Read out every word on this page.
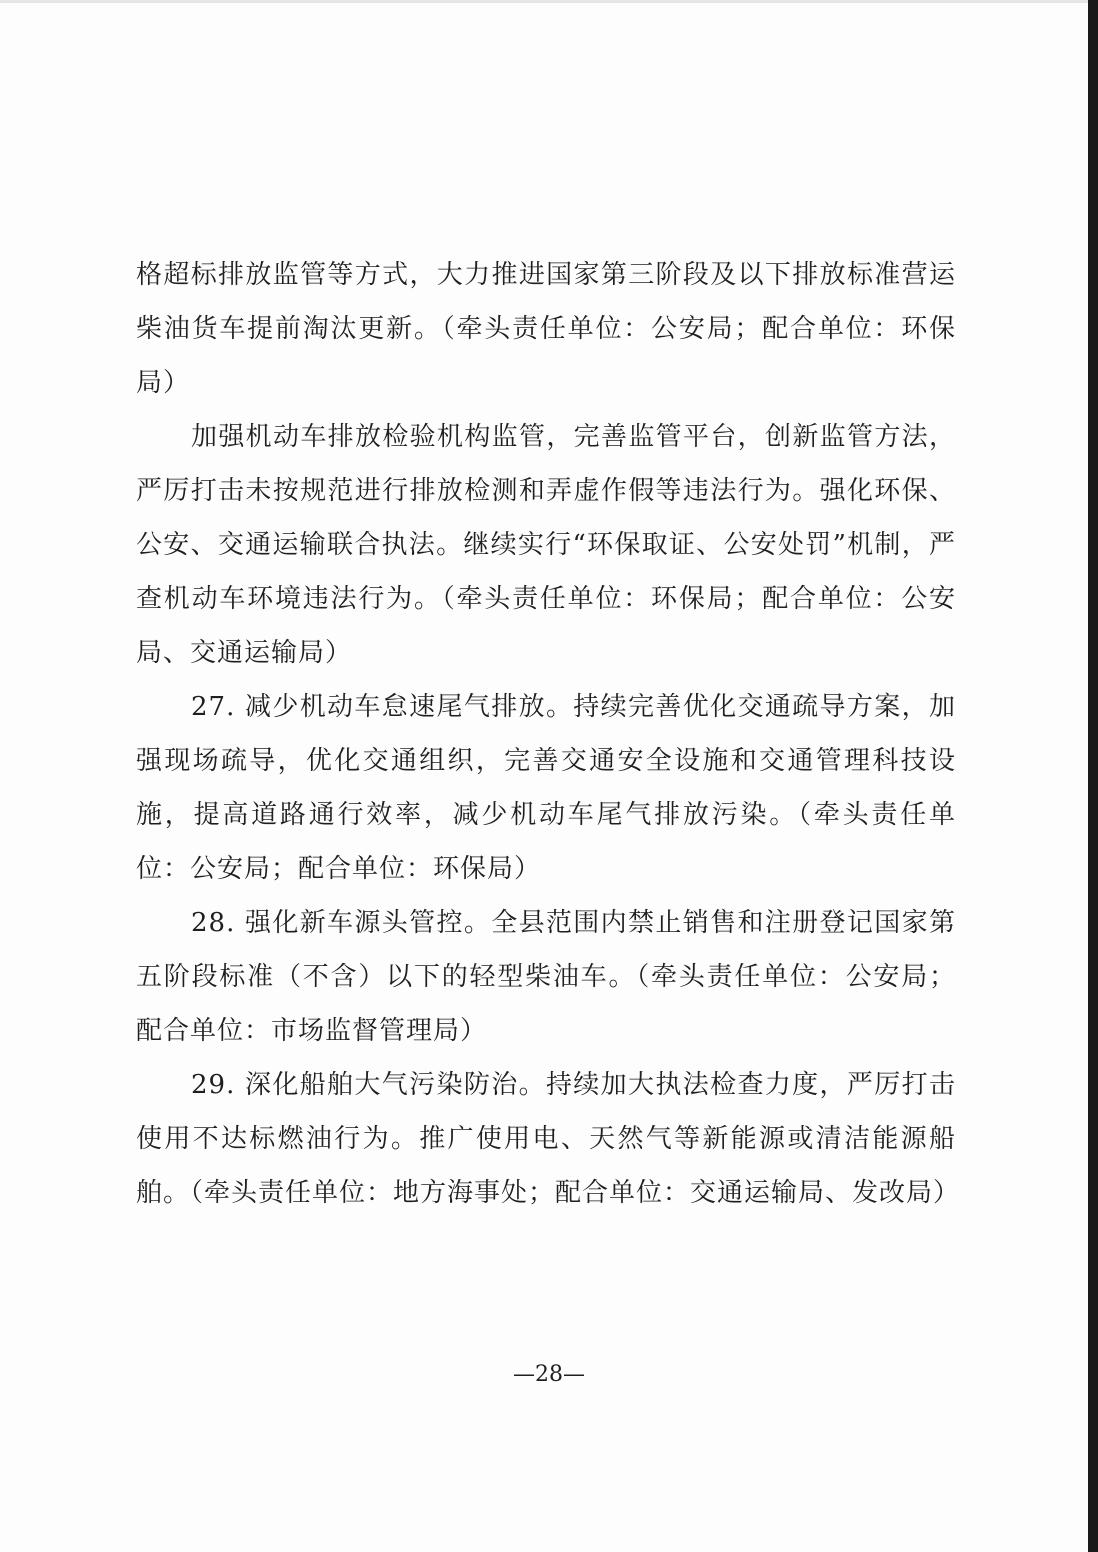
格超标排放监管等方式，大力推进国家第三阶段及以下排放标准营运柴油货车提前淘汰更新。（牵头责任单位：公安局；配合单位：环保局）

加强机动车排放检验机构监管，完善监管平台，创新监管方法，严厉打击未按规范进行排放检测和弄虚作假等违法行为。强化环保、公安、交通运输联合执法。继续实行“环保取证、公安处罚”机制，严查机动车环境违法行为。（牵头责任单位：环保局；配合单位：公安局、交通运输局）

27. 减少机动车怠速尾气排放。持续完善优化交通疏导方案，加强现场疏导，优化交通组织，完善交通安全设施和交通管理科技设施，提高道路通行效率，减少机动车尾气排放污染。（牵头责任单位：公安局；配合单位：环保局）

28. 强化新车源头管控。全县范围内禁止销售和注册登记国家第五阶段标准（不含）以下的轻型柴油车。（牵头责任单位：公安局；配合单位：市场监督管理局）

29. 深化船舶大气污染防治。持续加大执法检查力度，严厉打击使用不达标燃油行为。推广使用电、天然气等新能源或清洁能源船舶。（牵头责任单位：地方海事处；配合单位：交通运输局、发改局）

—28—
